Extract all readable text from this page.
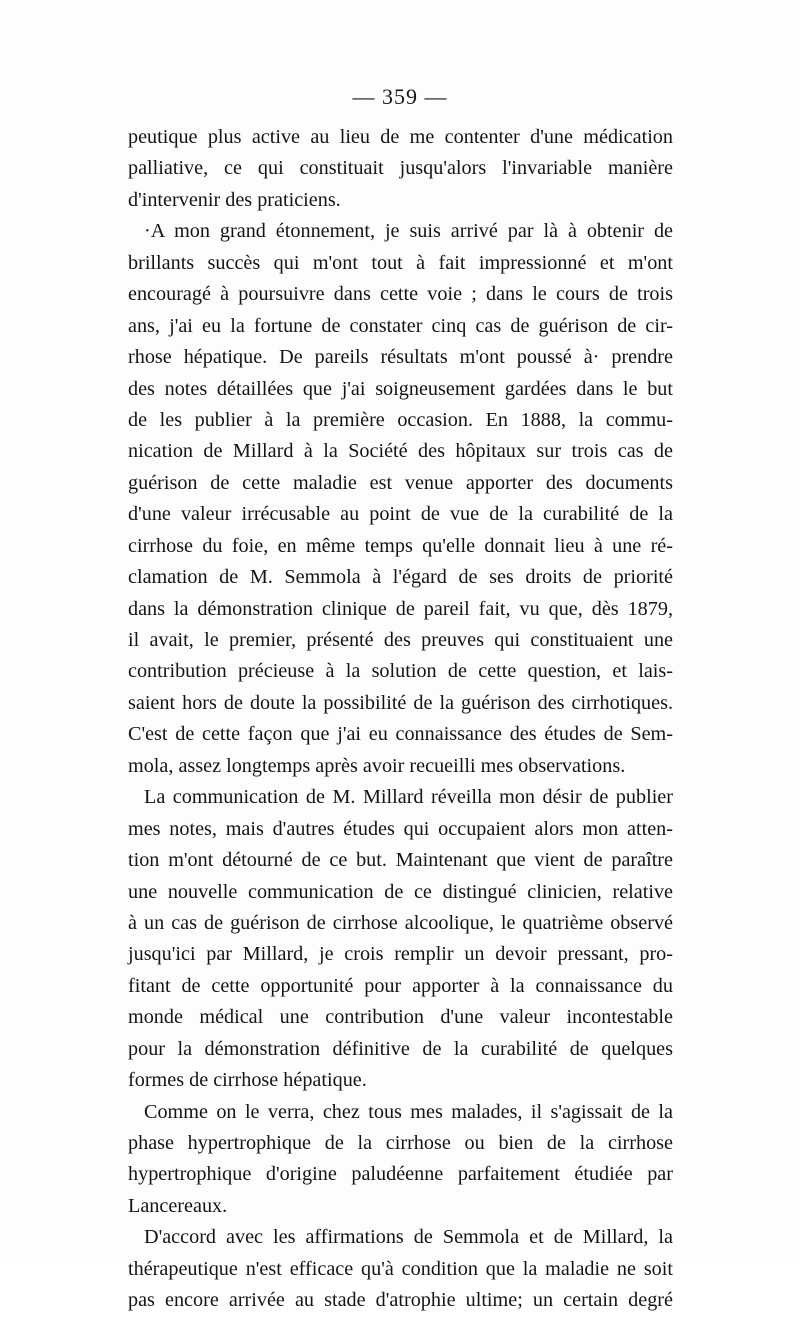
— 359 —
peutique plus active au lieu de me contenter d'une médication
palliative, ce qui constituait jusqu'alors l'invariable manière
d'intervenir des praticiens.
·A mon grand étonnement, je suis arrivé par là à obtenir de
brillants succès qui m'ont tout à fait impressionné et m'ont
encouragé à poursuivre dans cette voie ; dans le cours de trois
ans, j'ai eu la fortune de constater cinq cas de guérison de cir-
rhose hépatique. De pareils résultats m'ont poussé à· prendre
des notes détaillées que j'ai soigneusement gardées dans le but
de les publier à la première occasion. En 1888, la commu-
nication de Millard à la Société des hôpitaux sur trois cas de
guérison de cette maladie est venue apporter des documents
d'une valeur irrécusable au point de vue de la curabilité de la
cirrhose du foie, en même temps qu'elle donnait lieu à une ré-
clamation de M. Semmola à l'égard de ses droits de priorité
dans la démonstration clinique de pareil fait, vu que, dès 1879,
il avait, le premier, présenté des preuves qui constituaient une
contribution précieuse à la solution de cette question, et lais-
saient hors de doute la possibilité de la guérison des cirrhotiques.
C'est de cette façon que j'ai eu connaissance des études de Sem-
mola, assez longtemps après avoir recueilli mes observations.
La communication de M. Millard réveilla mon désir de publier
mes notes, mais d'autres études qui occupaient alors mon atten-
tion m'ont détourné de ce but. Maintenant que vient de paraître
une nouvelle communication de ce distingué clinicien, relative
à un cas de guérison de cirrhose alcoolique, le quatrième observé
jusqu'ici par Millard, je crois remplir un devoir pressant, pro-
fitant de cette opportunité pour apporter à la connaissance du
monde médical une contribution d'une valeur incontestable
pour la démonstration définitive de la curabilité de quelques
formes de cirrhose hépatique.
Comme on le verra, chez tous mes malades, il s'agissait de la
phase hypertrophique de la cirrhose ou bien de la cirrhose
hypertrophique d'origine paludéenne parfaitement étudiée par
Lancereaux.
D'accord avec les affirmations de Semmola et de Millard, la
thérapeutique n'est efficace qu'à condition que la maladie ne soit
pas encore arrivée au stade d'atrophie ultime; un certain degré
